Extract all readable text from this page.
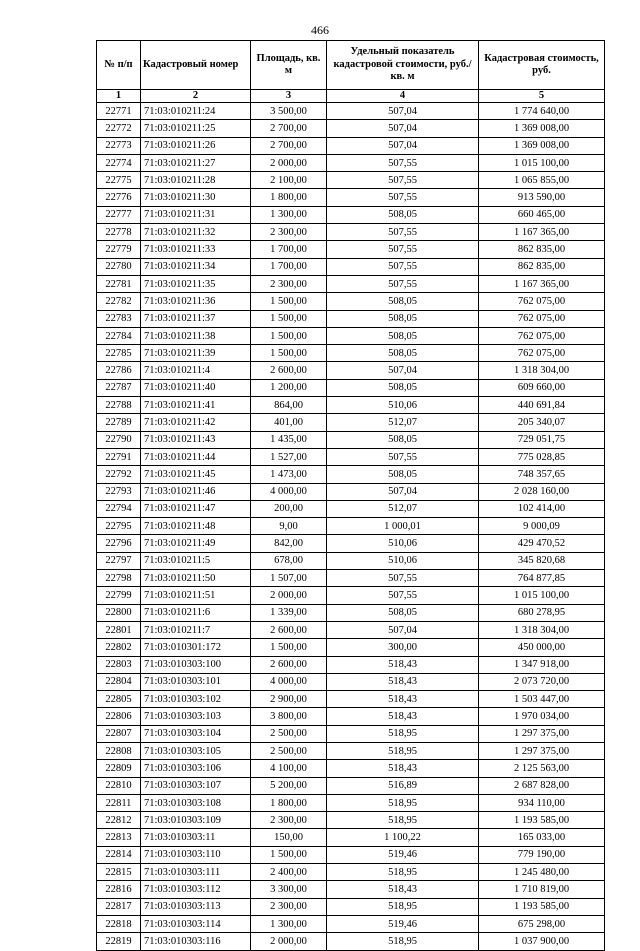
466
№ п/п	Кадастровый номер	Площадь, кв. м	Удельный показатель кадастровой стоимости, руб./кв. м	Кадастровая стоимость, руб.
1	2	3	4	5
22771	71:03:010211:24	3 500,00	507,04	1 774 640,00
22772	71:03:010211:25	2 700,00	507,04	1 369 008,00
22773	71:03:010211:26	2 700,00	507,04	1 369 008,00
22774	71:03:010211:27	2 000,00	507,55	1 015 100,00
22775	71:03:010211:28	2 100,00	507,55	1 065 855,00
22776	71:03:010211:30	1 800,00	507,55	913 590,00
22777	71:03:010211:31	1 300,00	508,05	660 465,00
22778	71:03:010211:32	2 300,00	507,55	1 167 365,00
22779	71:03:010211:33	1 700,00	507,55	862 835,00
22780	71:03:010211:34	1 700,00	507,55	862 835,00
22781	71:03:010211:35	2 300,00	507,55	1 167 365,00
22782	71:03:010211:36	1 500,00	508,05	762 075,00
22783	71:03:010211:37	1 500,00	508,05	762 075,00
22784	71:03:010211:38	1 500,00	508,05	762 075,00
22785	71:03:010211:39	1 500,00	508,05	762 075,00
22786	71:03:010211:4	2 600,00	507,04	1 318 304,00
22787	71:03:010211:40	1 200,00	508,05	609 660,00
22788	71:03:010211:41	864,00	510,06	440 691,84
22789	71:03:010211:42	401,00	512,07	205 340,07
22790	71:03:010211:43	1 435,00	508,05	729 051,75
22791	71:03:010211:44	1 527,00	507,55	775 028,85
22792	71:03:010211:45	1 473,00	508,05	748 357,65
22793	71:03:010211:46	4 000,00	507,04	2 028 160,00
22794	71:03:010211:47	200,00	512,07	102 414,00
22795	71:03:010211:48	9,00	1 000,01	9 000,09
22796	71:03:010211:49	842,00	510,06	429 470,52
22797	71:03:010211:5	678,00	510,06	345 820,68
22798	71:03:010211:50	1 507,00	507,55	764 877,85
22799	71:03:010211:51	2 000,00	507,55	1 015 100,00
22800	71:03:010211:6	1 339,00	508,05	680 278,95
22801	71:03:010211:7	2 600,00	507,04	1 318 304,00
22802	71:03:010301:172	1 500,00	300,00	450 000,00
22803	71:03:010303:100	2 600,00	518,43	1 347 918,00
22804	71:03:010303:101	4 000,00	518,43	2 073 720,00
22805	71:03:010303:102	2 900,00	518,43	1 503 447,00
22806	71:03:010303:103	3 800,00	518,43	1 970 034,00
22807	71:03:010303:104	2 500,00	518,95	1 297 375,00
22808	71:03:010303:105	2 500,00	518,95	1 297 375,00
22809	71:03:010303:106	4 100,00	518,43	2 125 563,00
22810	71:03:010303:107	5 200,00	516,89	2 687 828,00
22811	71:03:010303:108	1 800,00	518,95	934 110,00
22812	71:03:010303:109	2 300,00	518,95	1 193 585,00
22813	71:03:010303:11	150,00	1 100,22	165 033,00
22814	71:03:010303:110	1 500,00	519,46	779 190,00
22815	71:03:010303:111	2 400,00	518,95	1 245 480,00
22816	71:03:010303:112	3 300,00	518,43	1 710 819,00
22817	71:03:010303:113	2 300,00	518,95	1 193 585,00
22818	71:03:010303:114	1 300,00	519,46	675 298,00
22819	71:03:010303:116	2 000,00	518,95	1 037 900,00
